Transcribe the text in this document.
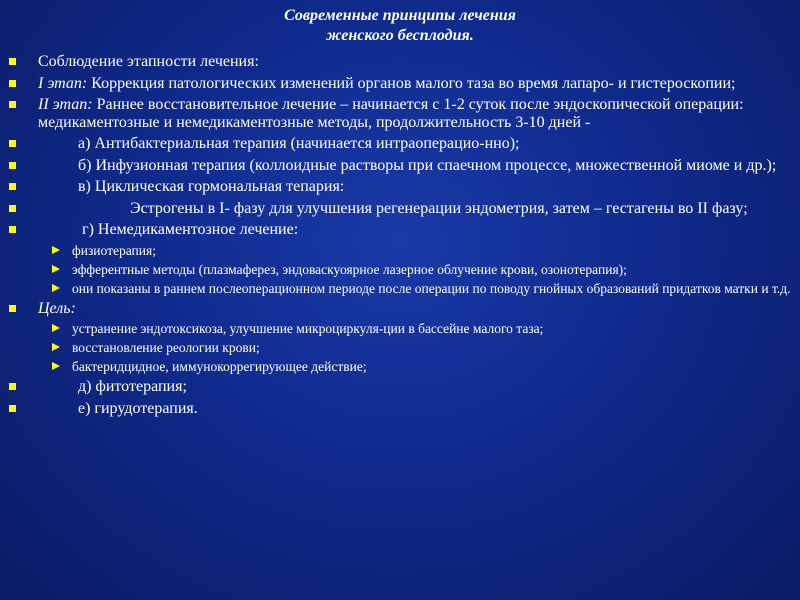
Современные принципы лечения
женского бесплодия.
Соблюдение этапности лечения:
I этап: Коррекция патологических изменений органов малого таза во время лапаро- и гистероскопии;
II этап: Раннее восстановительное лечение – начинается с 1-2 суток после эндоскопической операции: медикаментозные и немедикаментозные методы, продолжительность 3-10 дней -
а) Антибактериальная терапия (начинается интраоперацио-нно);
б) Инфузионная терапия (коллоидные растворы при спаечном процессе, множественной миоме и др.);
в) Циклическая гормональная тепария:
Эстрогены в I- фазу для улучшения регенерации эндометрия, затем – гестагены во II фазу;
г) Немедикаментозное лечение:
физиотерапия;
эфферентные методы (плазмаферез, эндоваскуоярное лазерное облучение крови, озонотерапия);
они показаны в раннем послеоперационном периоде после операции по поводу гнойных образований придатков матки и т.д.
Цель:
устранение эндотоксикоза, улучшение микроциркуля-ции в бассейне малого таза;
восстановление реологии крови;
бактеридцидное, иммунокоррегирующее действие;
д) фитотерапия;
е) гирудотерапия.
